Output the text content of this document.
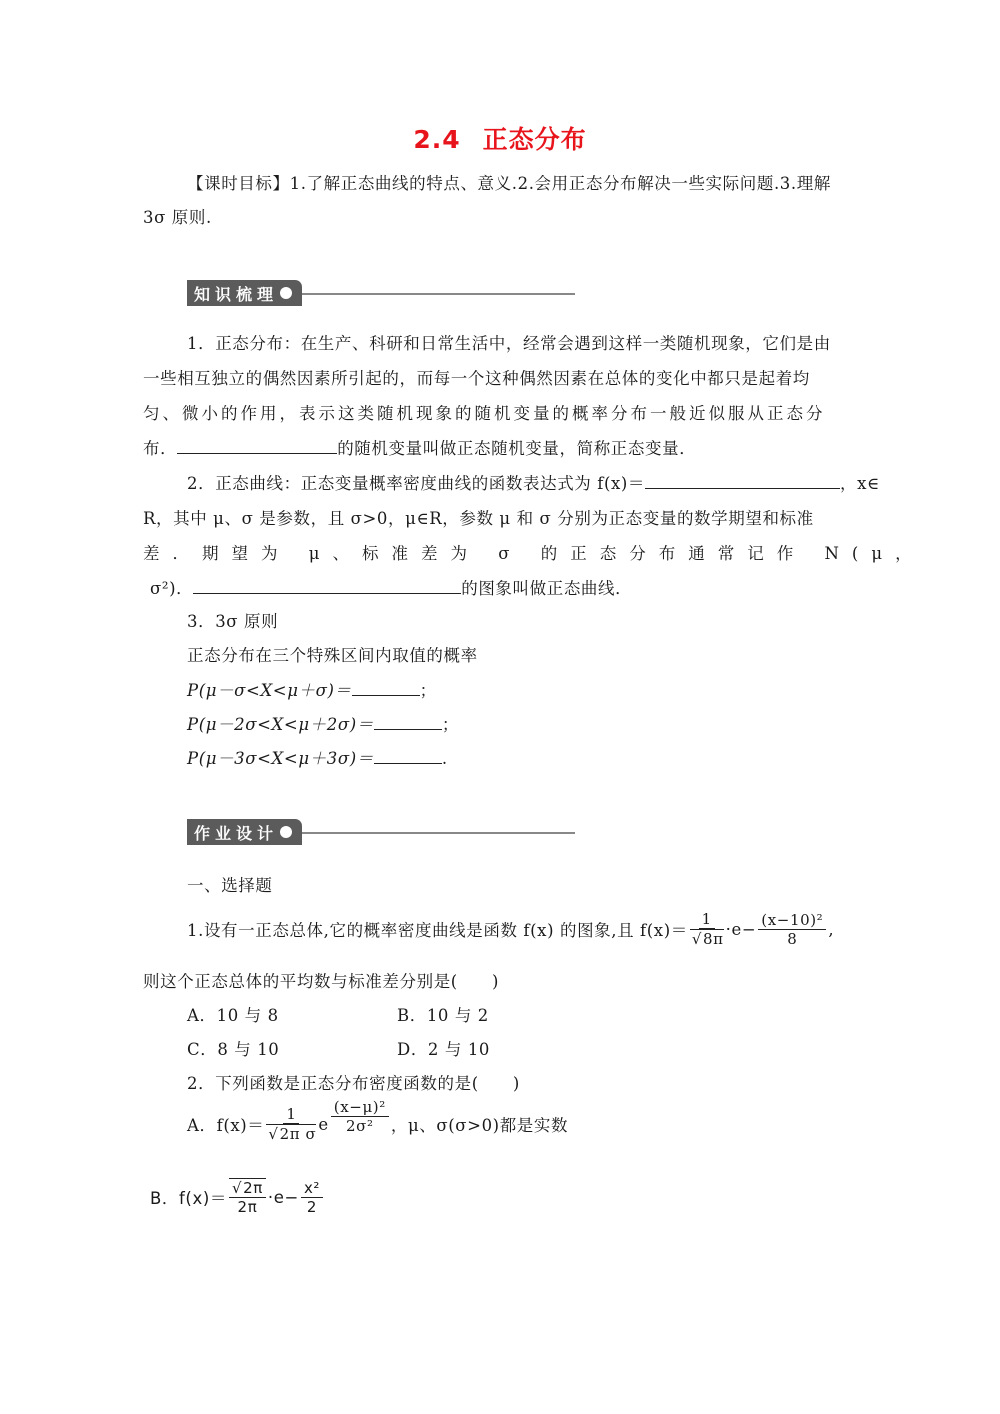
2.4 正态分布
【课时目标】1.了解正态曲线的特点、意义.2.会用正态分布解决一些实际问题.3.理解
3σ 原则.
知识梳理
1．正态分布：在生产、科研和日常生活中，经常会遇到这样一类随机现象，它们是由
一些相互独立的偶然因素所引起的，而每一个这种偶然因素在总体的变化中都只是起着均
匀、微小的作用，表示这类随机现象的随机变量的概率分布一般近似服从正态分
布．	的随机变量叫做正态随机变量，简称正态变量．
2．正态曲线：正态变量概率密度曲线的函数表达式为 f(x)＝	，x∈
R，其中 μ、σ 是参数，且 σ>0，μ∈R，参数 μ 和 σ 分别为正态变量的数学期望和标准
差．期望为 μ、标准差为 σ 的正态分布通常记作 N(μ，
σ²)．	的图象叫做正态曲线．
3．3σ 原则
正态分布在三个特殊区间内取值的概率
P(μ－σ<X<μ＋σ)＝	；
P(μ－2σ<X<μ＋2σ)＝	；
P(μ－3σ<X<μ＋3σ)＝	.
作业设计
一、选择题
1.设有一正态总体,它的概率密度曲线是函数 f(x) 的图象,且 f(x)＝ 1
√ $8\pi \cdot e- \frac{\text{(x−10)²}}{8}$ ,
则这个正态总体的平均数与标准差分别是(　　)
A．10 与 8	B．10 与 2
C．8 与 10	D．2 与 10
2．下列函数是正态分布密度函数的是(　　)
A．f(x)＝ 1
√ 2π σ e $\frac{\text{(x−μ)²}}{\text{2σ²}}$ ，μ、σ(σ>0)都是实数
B．f(x)＝ √ $\frac{2\pi}{2\pi} \cdot e- \frac{\text{x²}}{2}$
